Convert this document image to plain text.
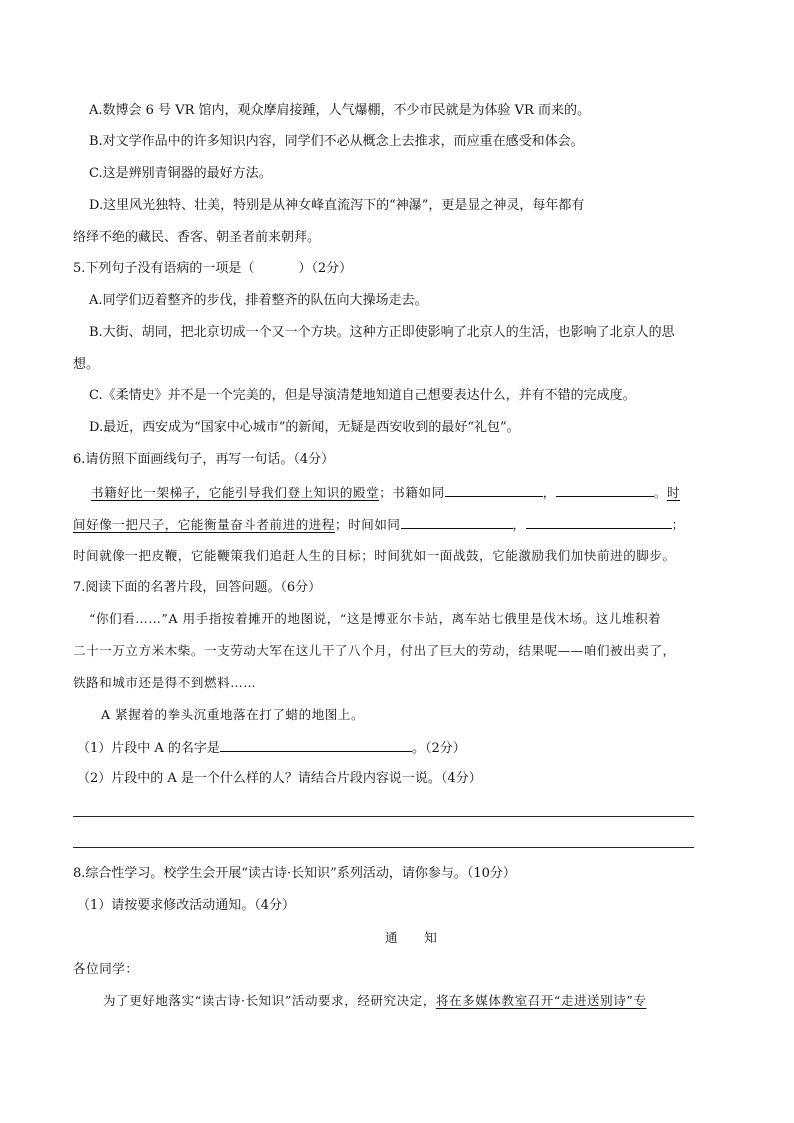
A.数博会 6 号 VR 馆内，观众摩肩接踵，人气爆棚，不少市民就是为体验 VR 而来的。
B.对文学作品中的许多知识内容，同学们不必从概念上去推求，而应重在感受和体会。
C.这是辨别青铜器的最好方法。
D.这里风光独特、壮美，特别是从神女峰直流泻下的“神瀑”，更是显之神灵，每年都有
络绎不绝的藏民、香客、朝圣者前来朝拜。
5.下列句子没有语病的一项是（	）（2分）
A.同学们迈着整齐的步伐，排着整齐的队伍向大操场走去。
B.大街、胡同，把北京切成一个又一个方块。这种方正即使影响了北京人的生活，也影响了北京人的思
想。
C.《柔情史》并不是一个完美的，但是导演清楚地知道自己想要表达什么，并有不错的完成度。
D.最近，西安成为“国家中心城市”的新闻，无疑是西安收到的最好“礼包”。
6.请仿照下面画线句子，再写一句话。（4分）
书籍好比一架梯子，它能引导我们登上知识的殿堂；书籍如同	，	。时
间好像一把尺子，它能衡量奋斗者前进的进程；时间如同	，	；
时间就像一把皮鞭，它能鞭策我们追赶人生的目标；时间犹如一面战鼓，它能激励我们加快前进的脚步。
7.阅读下面的名著片段，回答问题。（6分）
“你们看……”A 用手指按着摊开的地图说，“这是博亚尔卡站，离车站七俄里是伐木场。这儿堆积着
二十一万立方米木柴。一支劳动大军在这儿干了八个月，付出了巨大的劳动，结果呢——咱们被出卖了，
铁路和城市还是得不到燃料……
A 紧握着的拳头沉重地落在打了蜡的地图上。
（1）片段中 A 的名字是	。（2分）
（2）片段中的 A 是一个什么样的人？请结合片段内容说一说。（4分）
8.综合性学习。校学生会开展“读古诗·长知识”系列活动，请你参与。（10分）
（1）请按要求修改活动通知。（4分）
通　　知
各位同学：
为了更好地落实“读古诗·长知识”活动要求，经研究决定，将在多媒体教室召开“走进送别诗”专
